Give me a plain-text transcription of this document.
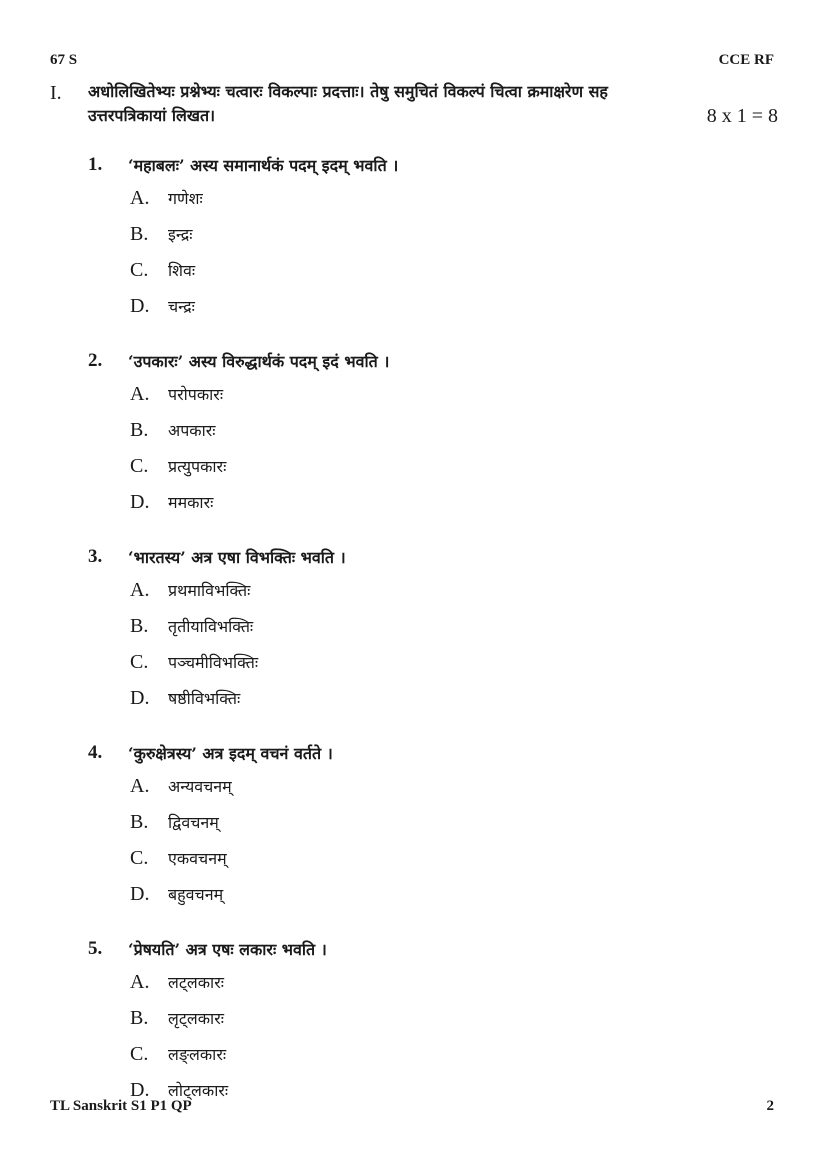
67 S	CCE RF
I. अधोलिखितेभ्यः प्रश्नेभ्यः चत्वारः विकल्पाः प्रदत्ताः। तेषु समुचितं विकल्पं चित्वा क्रमाक्षरेण सह
उत्तरपत्रिकायां लिखत।	8 x 1 = 8
1.	‘महाबलः’ अस्य समानार्थकं पदम् इदम् भवति ।
A.	गणेशः
B.	इन्द्रः
C.	शिवः
D.	चन्द्रः
2.	‘उपकारः’ अस्य विरुद्धार्थकं पदम् इदं भवति ।
A.	परोपकारः
B.	अपकारः
C.	प्रत्युपकारः
D.	ममकारः
3.	‘भारतस्य’ अत्र एषा विभक्तिः भवति ।
A.	प्रथमाविभक्तिः
B.	तृतीयाविभक्तिः
C.	पञ्चमीविभक्तिः
D.	षष्ठीविभक्तिः
4.	‘कुरुक्षेत्रस्य’ अत्र इदम् वचनं वर्तते ।
A.	अन्यवचनम्
B.	द्विवचनम्
C.	एकवचनम्
D.	बहुवचनम्
5.	‘प्रेषयति’ अत्र एषः लकारः भवति ।
A.	लट्लकारः
B.	लृट्लकारः
C.	लङ्लकारः
D.	लोट्लकारः
TL Sanskrit S1 P1 QP	2
